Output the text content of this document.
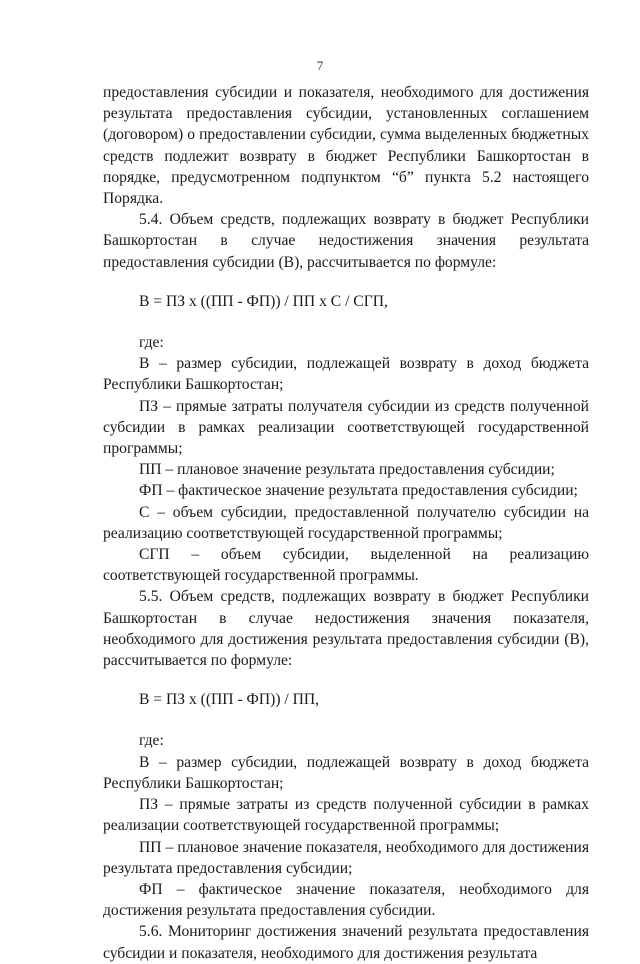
7

предоставления субсидии и показателя, необходимого для достижения результата предоставления субсидии, установленных соглашением (договором) о предоставлении субсидии, сумма выделенных бюджетных средств подлежит возврату в бюджет Республики Башкортостан в порядке, предусмотренном подпунктом “б” пункта 5.2 настоящего Порядка.

5.4. Объем средств, подлежащих возврату в бюджет Республики Башкортостан в случае недостижения значения результата предоставления субсидии (В), рассчитывается по формуле:

В = ПЗ х ((ПП - ФП)) / ПП х С / СГП,

где:

В – размер субсидии, подлежащей возврату в доход бюджета Республики Башкортостан;

ПЗ – прямые затраты получателя субсидии из средств полученной субсидии в рамках реализации соответствующей государственной программы;

ПП – плановое значение результата предоставления субсидии;

ФП – фактическое значение результата предоставления субсидии;

С – объем субсидии, предоставленной получателю субсидии на реализацию соответствующей государственной программы;

СГП – объем субсидии, выделенной на реализацию соответствующей государственной программы.

5.5. Объем средств, подлежащих возврату в бюджет Республики Башкортостан в случае недостижения значения показателя, необходимого для достижения результата предоставления субсидии (В), рассчитывается по формуле:

В = ПЗ х ((ПП - ФП)) / ПП,

где:

В – размер субсидии, подлежащей возврату в доход бюджета Республики Башкортостан;

ПЗ – прямые затраты из средств полученной субсидии в рамках реализации соответствующей государственной программы;

ПП – плановое значение показателя, необходимого для достижения результата предоставления субсидии;

ФП – фактическое значение показателя, необходимого для достижения результата предоставления субсидии.

5.6. Мониторинг достижения значений результата предоставления субсидии и показателя, необходимого для достижения результата
